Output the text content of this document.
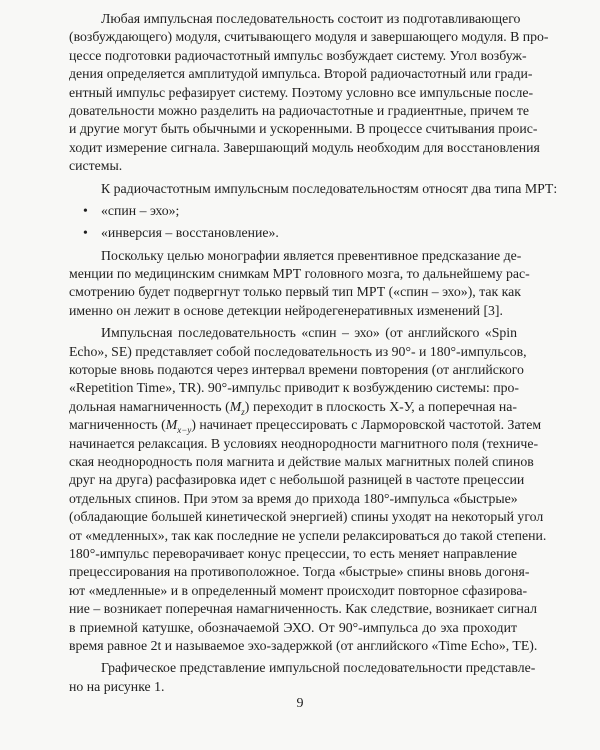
Любая импульсная последовательность состоит из подготавливающего
(возбуждающего) модуля, считывающего модуля и завершающего модуля. В про-
цессе подготовки радиочастотный импульс возбуждает систему. Угол возбуж-
дения определяется амплитудой импульса. Второй радиочастотный или гради-
ентный импульс рефазирует систему. Поэтому условно все импульсные после-
довательности можно разделить на радиочастотные и градиентные, причем те
и другие могут быть обычными и ускоренными. В процессе считывания проис-
ходит измерение сигнала. Завершающий модуль необходим для восстановления
системы.
К радиочастотным импульсным последовательностям относят два типа МРТ:
• «спин – эхо»;
• «инверсия – восстановление».
Поскольку целью монографии является превентивное предсказание де-
менции по медицинским снимкам МРТ головного мозга, то дальнейшему рас-
смотрению будет подвергнут только первый тип МРТ («спин – эхо»), так как
именно он лежит в основе детекции нейродегенеративных изменений [3].
Импульсная последовательность «спин – эхо» (от английского «Spin
Echo», SE) представляет собой последовательность из 90°- и 180°-импульсов,
которые вновь подаются через интервал времени повторения (от английского
«Repetition Time», TR). 90°-импульс приводит к возбуждению системы: про-
дольная намагниченность $(M_z)$ переходит в плоскость X-У, а поперечная на-
магниченность $(M_{x-y})$ начинает прецессировать с Ларморовской частотой. Затем
начинается релаксация. В условиях неоднородности магнитного поля (техниче-
ская неоднородность поля магнита и действие малых магнитных полей спинов
друг на друга) расфазировка идет с небольшой разницей в частоте прецессии
отдельных спинов. При этом за время до прихода 180°-импульса «быстрые»
(обладающие большей кинетической энергией) спины уходят на некоторый угол
от «медленных», так как последние не успели релаксироваться до такой степени.
180°-импульс переворачивает конус прецессии, то есть меняет направление
прецессирования на противоположное. Тогда «быстрые» спины вновь догоня-
ют «медленные» и в определенный момент происходит повторное сфазирова-
ние – возникает поперечная намагниченность. Как следствие, возникает сигнал
в приемной катушке, обозначаемой ЭХО. От 90°-импульса до эха проходит
время равное 2t и называемое эхо-задержкой (от английского «Time Echo», TE).
Графическое представление импульсной последовательности представле-
но на рисунке 1.
9
